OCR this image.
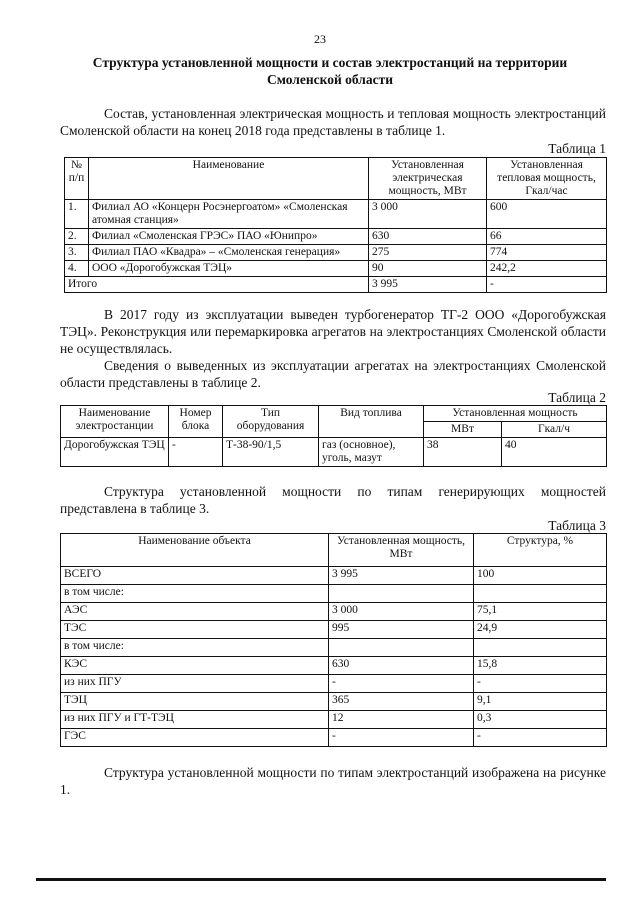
23
Структура установленной мощности и состав электростанций на территории Смоленской области
Состав, установленная электрическая мощность и тепловая мощность электростанций Смоленской области на конец 2018 года представлены в таблице 1.
Таблица 1
№ п/п	Наименование	Установленная электрическая мощность, МВт	Установленная тепловая мощность, Гкал/час
1.	Филиал АО «Концерн Росэнергоатом» «Смоленская атомная станция»	3 000	600
2.	Филиал «Смоленская ГРЭС» ПАО «Юнипро»	630	66
3.	Филиал ПАО «Квадра» – «Смоленская генерация»	275	774
4.	ООО «Дорогобужская ТЭЦ»	90	242,2
Итого		3 995	-
В 2017 году из эксплуатации выведен турбогенератор ТГ-2 ООО «Дорогобужская ТЭЦ». Реконструкция или перемаркировка агрегатов на электростанциях Смоленской области не осуществлялась.
Сведения о выведенных из эксплуатации агрегатах на электростанциях Смоленской области представлены в таблице 2.
Таблица 2
Наименование электростанции	Номер блока	Тип оборудования	Вид топлива	Установленная мощность	
				МВт	Гкал/ч
Дорогобужская ТЭЦ	-	Т-38-90/1,5	газ (основное), уголь, мазут	38	40
Структура установленной мощности по типам генерирующих мощностей представлена в таблице 3.
Таблица 3
Наименование объекта	Установленная мощность, МВт	Структура, %
ВСЕГО	3 995	100
в том числе:		
АЭС	3 000	75,1
ТЭС	995	24,9
в том числе:		
КЭС	630	15,8
из них ПГУ	-	-
ТЭЦ	365	9,1
из них ПГУ и ГТ-ТЭЦ	12	0,3
ГЭС	-	-
Структура установленной мощности по типам электростанций изображена на рисунке 1.
